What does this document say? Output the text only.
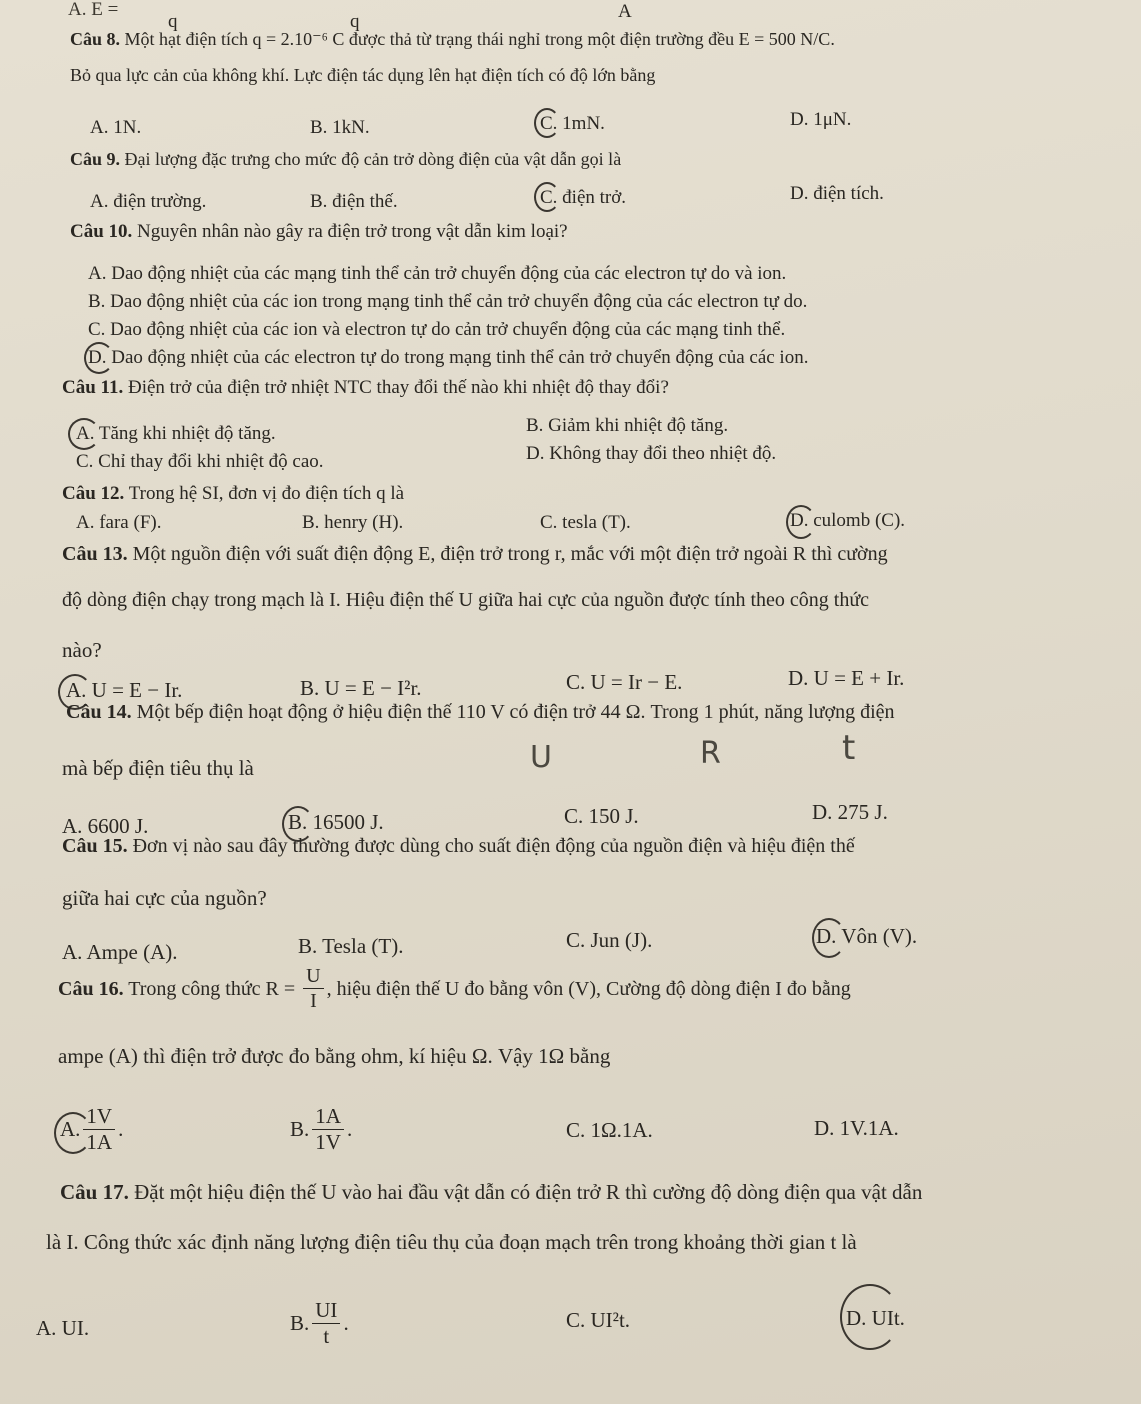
A. E =
q	q	A
Câu 8. Một hạt điện tích q = 2.10⁻⁶ C được thả từ trạng thái nghỉ trong một điện trường đều E = 500 N/C.
Bỏ qua lực cản của không khí. Lực điện tác dụng lên hạt điện tích có độ lớn bằng
A. 1N.	B. 1kN.	C. 1mN.	D. 1μN.
Câu 9. Đại lượng đặc trưng cho mức độ cản trở dòng điện của vật dẫn gọi là
A. điện trường.	B. điện thế.	C. điện trở.	D. điện tích.
Câu 10. Nguyên nhân nào gây ra điện trở trong vật dẫn kim loại?
A. Dao động nhiệt của các mạng tinh thể cản trở chuyển động của các electron tự do và ion.
B. Dao động nhiệt của các ion trong mạng tinh thể cản trở chuyển động của các electron tự do.
C. Dao động nhiệt của các ion và electron tự do cản trở chuyển động của các mạng tinh thể.
D. Dao động nhiệt của các electron tự do trong mạng tinh thể cản trở chuyển động của các ion.
Câu 11. Điện trở của điện trở nhiệt NTC thay đổi thế nào khi nhiệt độ thay đổi?
A. Tăng khi nhiệt độ tăng.	B. Giảm khi nhiệt độ tăng.
C. Chỉ thay đổi khi nhiệt độ cao.	D. Không thay đổi theo nhiệt độ.
Câu 12. Trong hệ SI, đơn vị đo điện tích q là
A. fara (F).	B. henry (H).	C. tesla (T).	D. culomb (C).
Câu 13. Một nguồn điện với suất điện động E, điện trở trong r, mắc với một điện trở ngoài R thì cường
độ dòng điện chạy trong mạch là I. Hiệu điện thế U giữa hai cực của nguồn được tính theo công thức
nào?
A. U = E − Ir.	B. U = E − I²r.	C. U = Ir − E.	D. U = E + Ir.
Câu 14. Một bếp điện hoạt động ở hiệu điện thế 110 V có điện trở 44 Ω. Trong 1 phút, năng lượng điện
U	R	t
mà bếp điện tiêu thụ là
A. 6600 J.	B. 16500 J.	C. 150 J.	D. 275 J.
Câu 15. Đơn vị nào sau đây thường được dùng cho suất điện động của nguồn điện và hiệu điện thế
giữa hai cực của nguồn?
A. Ampe (A).	B. Tesla (T).	C. Jun (J).	D. Vôn (V).
Câu 16. Trong công thức $R = \frac{U}{I}$ , hiệu điện thế U đo bằng vôn (V), Cường độ dòng điện I đo bằng
ampe (A) thì điện trở được đo bằng ohm, kí hiệu Ω. Vậy 1Ω bằng
A. $\frac{1V}{1A}$ .	B. $\frac{1A}{1V}$ .	C. 1Ω.1A.	D. 1V.1A.
Câu 17. Đặt một hiệu điện thế U vào hai đầu vật dẫn có điện trở R thì cường độ dòng điện qua vật dẫn
là I. Công thức xác định năng lượng điện tiêu thụ của đoạn mạch trên trong khoảng thời gian t là
A. UI.	B. $\frac{UI}{t}$ .	C. UI²t.	D. UIt.
